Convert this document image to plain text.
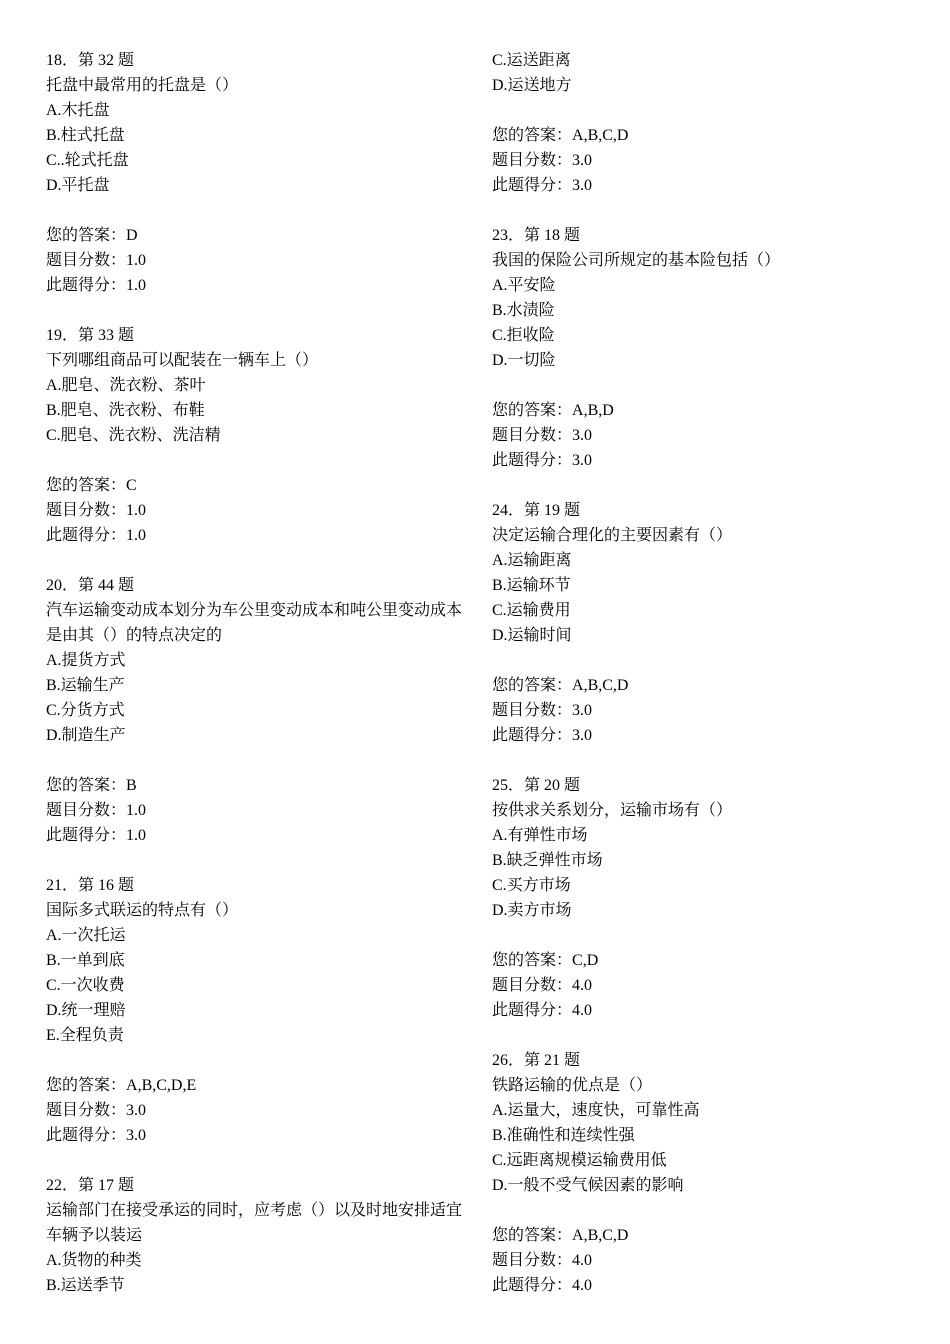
18．第 32 题
托盘中最常用的托盘是（）
A.木托盘
B.柱式托盘
C..轮式托盘
D.平托盘
您的答案：D
题目分数：1.0
此题得分：1.0
19．第 33 题
下列哪组商品可以配装在一辆车上（）
A.肥皂、洗衣粉、茶叶
B.肥皂、洗衣粉、布鞋
C.肥皂、洗衣粉、洗洁精
您的答案：C
题目分数：1.0
此题得分：1.0
20．第 44 题
汽车运输变动成本划分为车公里变动成本和吨公里变动成本是由其（）的特点决定的
A.提货方式
B.运输生产
C.分货方式
D.制造生产
您的答案：B
题目分数：1.0
此题得分：1.0
21．第 16 题
国际多式联运的特点有（）
A.一次托运
B.一单到底
C.一次收费
D.统一理赔
E.全程负责
您的答案：A,B,C,D,E
题目分数：3.0
此题得分：3.0
22．第 17 题
运输部门在接受承运的同时，应考虑（）以及时地安排适宜车辆予以装运
A.货物的种类
B.运送季节
C.运送距离
D.运送地方
您的答案：A,B,C,D
题目分数：3.0
此题得分：3.0
23．第 18 题
我国的保险公司所规定的基本险包括（）
A.平安险
B.水渍险
C.拒收险
D.一切险
您的答案：A,B,D
题目分数：3.0
此题得分：3.0
24．第 19 题
决定运输合理化的主要因素有（）
A.运输距离
B.运输环节
C.运输费用
D.运输时间
您的答案：A,B,C,D
题目分数：3.0
此题得分：3.0
25．第 20 题
按供求关系划分，运输市场有（）
A.有弹性市场
B.缺乏弹性市场
C.买方市场
D.卖方市场
您的答案：C,D
题目分数：4.0
此题得分：4.0
26．第 21 题
铁路运输的优点是（）
A.运量大，速度快，可靠性高
B.准确性和连续性强
C.远距离规模运输费用低
D.一般不受气候因素的影响
您的答案：A,B,C,D
题目分数：4.0
此题得分：4.0
